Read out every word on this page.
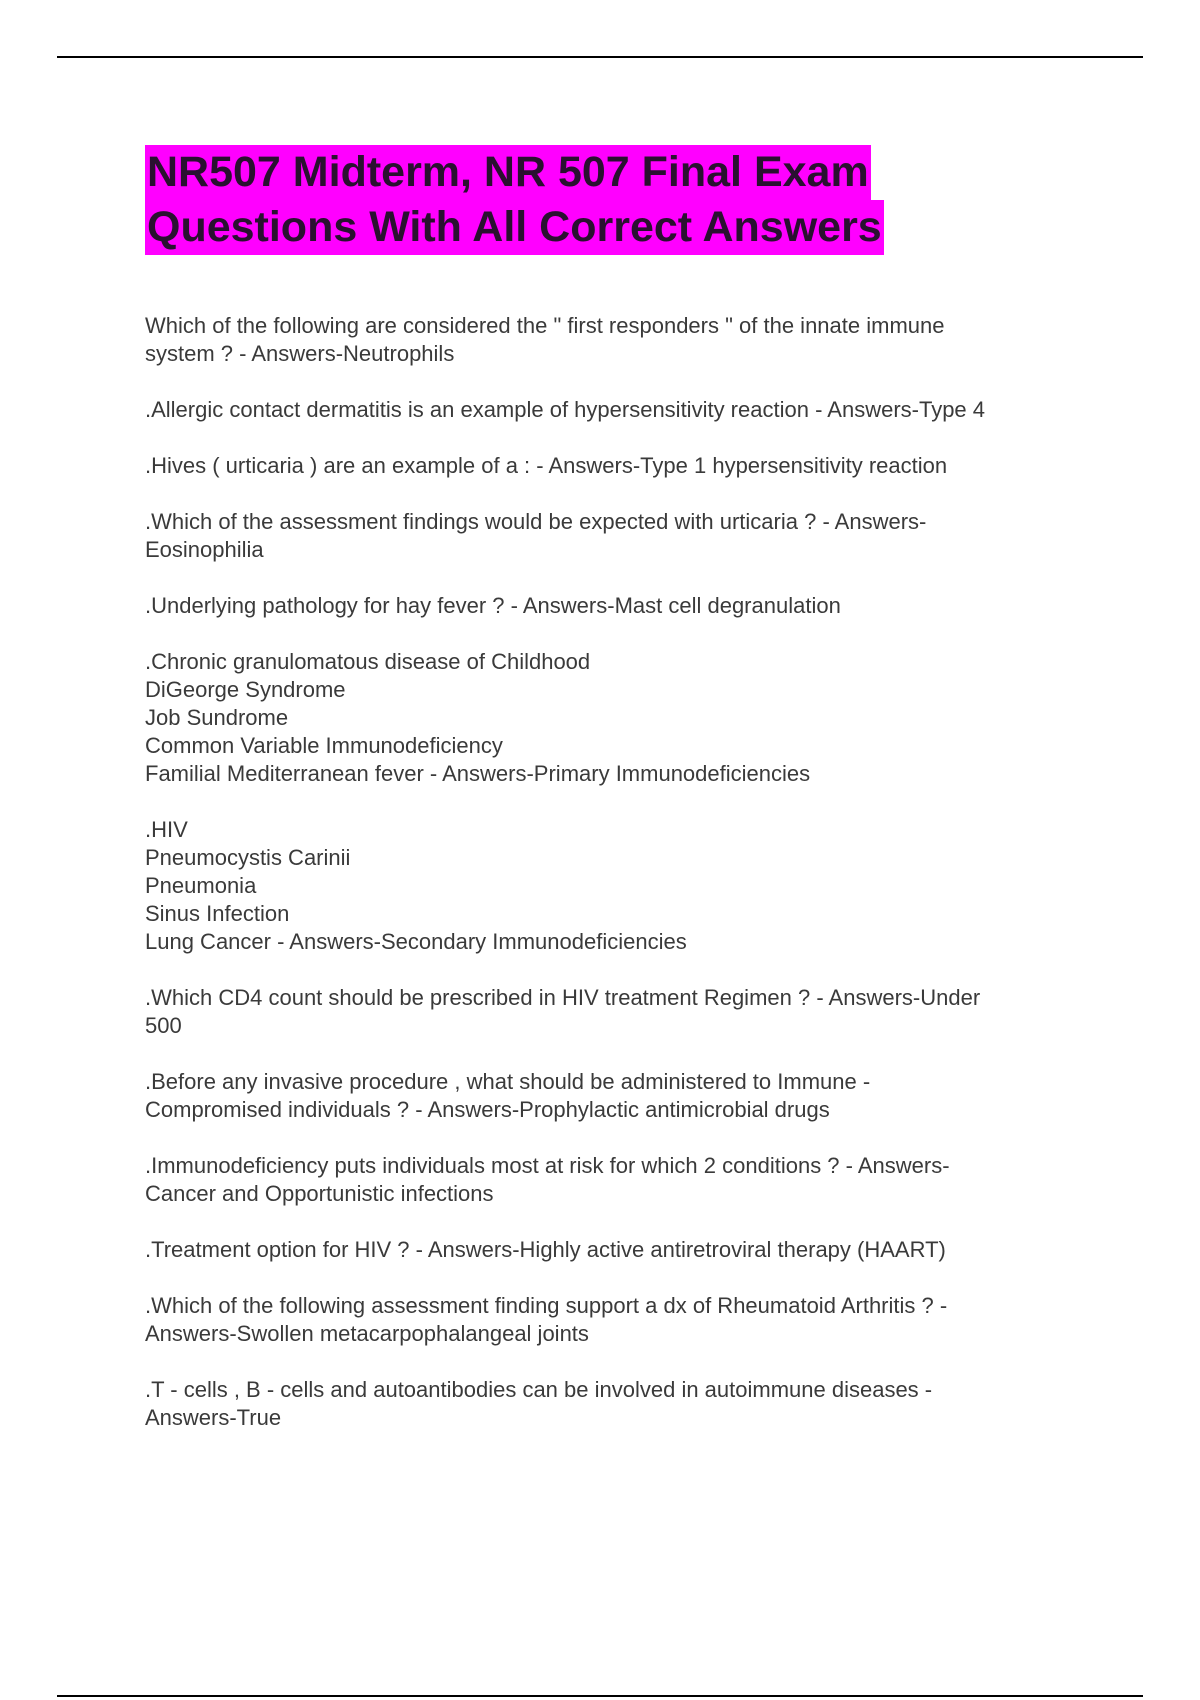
NR507 Midterm, NR 507 Final Exam
Questions With All Correct Answers
Which of the following are considered the " first responders " of the innate immune
system ? - Answers-Neutrophils
.Allergic contact dermatitis is an example of hypersensitivity reaction - Answers-Type 4
.Hives ( urticaria ) are an example of a : - Answers-Type 1 hypersensitivity reaction
.Which of the assessment findings would be expected with urticaria ? - Answers-
Eosinophilia
.Underlying pathology for hay fever ? - Answers-Mast cell degranulation
.Chronic granulomatous disease of Childhood
DiGeorge Syndrome
Job Sundrome
Common Variable Immunodeficiency
Familial Mediterranean fever - Answers-Primary Immunodeficiencies
.HIV
Pneumocystis Carinii
Pneumonia
Sinus Infection
Lung Cancer - Answers-Secondary Immunodeficiencies
.Which CD4 count should be prescribed in HIV treatment Regimen ? - Answers-Under
500
.Before any invasive procedure , what should be administered to Immune -
Compromised individuals ? - Answers-Prophylactic antimicrobial drugs
.Immunodeficiency puts individuals most at risk for which 2 conditions ? - Answers-
Cancer and Opportunistic infections
.Treatment option for HIV ? - Answers-Highly active antiretroviral therapy (HAART)
.Which of the following assessment finding support a dx of Rheumatoid Arthritis ? -
Answers-Swollen metacarpophalangeal joints
.T - cells , B - cells and autoantibodies can be involved in autoimmune diseases -
Answers-True
